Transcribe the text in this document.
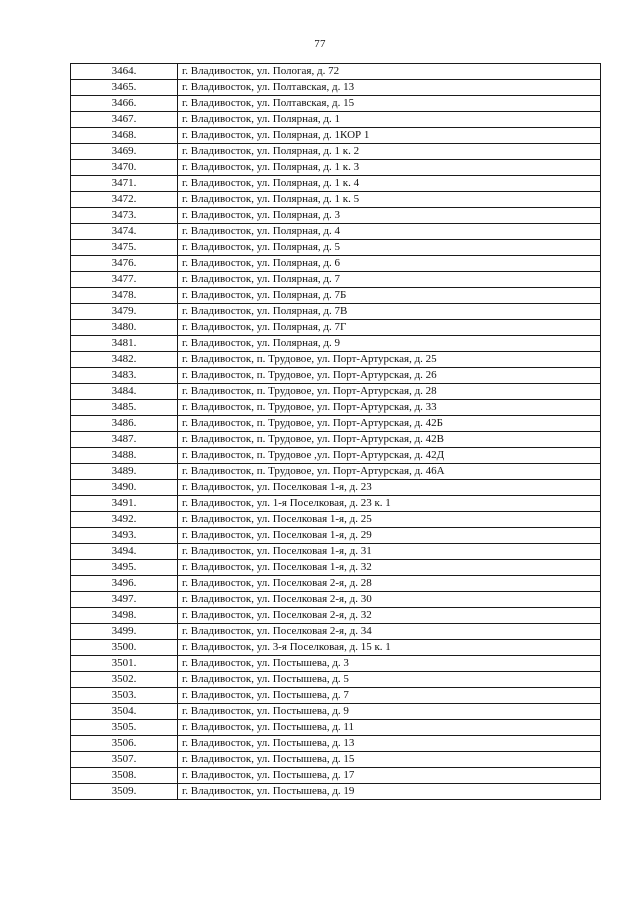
77
3464.	г. Владивосток, ул. Пологая, д. 72
3465.	г. Владивосток, ул. Полтавская, д. 13
3466.	г. Владивосток, ул. Полтавская, д. 15
3467.	г. Владивосток, ул. Полярная, д. 1
3468.	г. Владивосток, ул. Полярная, д. 1КОР 1
3469.	г. Владивосток, ул. Полярная, д. 1 к. 2
3470.	г. Владивосток, ул. Полярная, д. 1 к. 3
3471.	г. Владивосток, ул. Полярная, д. 1 к. 4
3472.	г. Владивосток, ул. Полярная, д. 1 к. 5
3473.	г. Владивосток, ул. Полярная, д. 3
3474.	г. Владивосток, ул. Полярная, д. 4
3475.	г. Владивосток, ул. Полярная, д. 5
3476.	г. Владивосток, ул. Полярная, д. 6
3477.	г. Владивосток, ул. Полярная, д. 7
3478.	г. Владивосток, ул. Полярная, д. 7Б
3479.	г. Владивосток, ул. Полярная, д. 7В
3480.	г. Владивосток, ул. Полярная, д. 7Г
3481.	г. Владивосток, ул. Полярная, д. 9
3482.	г. Владивосток, п. Трудовое, ул. Порт-Артурская, д. 25
3483.	г. Владивосток, п. Трудовое, ул. Порт-Артурская, д. 26
3484.	г. Владивосток, п. Трудовое, ул. Порт-Артурская, д. 28
3485.	г. Владивосток, п. Трудовое, ул. Порт-Артурская, д. 33
3486.	г. Владивосток, п. Трудовое, ул. Порт-Артурская, д. 42Б
3487.	г. Владивосток, п. Трудовое, ул. Порт-Артурская, д. 42В
3488.	г. Владивосток, п. Трудовое ,ул. Порт-Артурская, д. 42Д
3489.	г. Владивосток, п. Трудовое, ул. Порт-Артурская, д. 46А
3490.	г. Владивосток, ул. Поселковая 1-я, д. 23
3491.	г. Владивосток, ул. 1-я Поселковая, д. 23 к. 1
3492.	г. Владивосток, ул. Поселковая 1-я, д. 25
3493.	г. Владивосток, ул. Поселковая 1-я, д. 29
3494.	г. Владивосток, ул. Поселковая 1-я, д. 31
3495.	г. Владивосток, ул. Поселковая 1-я, д. 32
3496.	г. Владивосток, ул. Поселковая 2-я, д. 28
3497.	г. Владивосток, ул. Поселковая 2-я, д. 30
3498.	г. Владивосток, ул. Поселковая 2-я, д. 32
3499.	г. Владивосток, ул. Поселковая 2-я, д. 34
3500.	г. Владивосток, ул. 3-я Поселковая, д. 15 к. 1
3501.	г. Владивосток, ул. Постышева, д. 3
3502.	г. Владивосток, ул. Постышева, д. 5
3503.	г. Владивосток, ул. Постышева, д. 7
3504.	г. Владивосток, ул. Постышева, д. 9
3505.	г. Владивосток, ул. Постышева, д. 11
3506.	г. Владивосток, ул. Постышева, д. 13
3507.	г. Владивосток, ул. Постышева, д. 15
3508.	г. Владивосток, ул. Постышева, д. 17
3509.	г. Владивосток, ул. Постышева, д. 19
